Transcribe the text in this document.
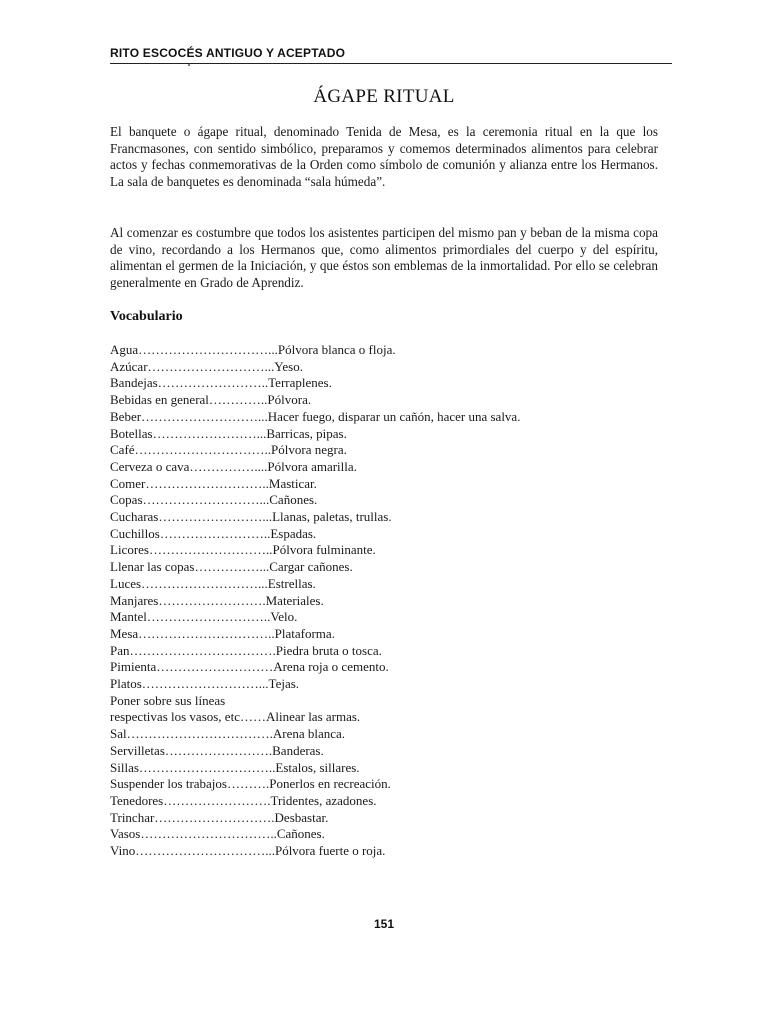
RITO ESCOCÉS ANTIGUO Y ACEPTADO
ÁGAPE RITUAL

El banquete o ágape ritual, denominado Tenida de Mesa, es la ceremonia ritual en la que los Francmasones, con sentido simbólico, preparamos y comemos determinados alimentos para celebrar actos y fechas conmemorativas de la Orden como símbolo de comunión y alianza entre los Hermanos. La sala de banquetes es denominada “sala húmeda”.

Al comenzar es costumbre que todos los asistentes participen del mismo pan y beban de la misma copa de vino, recordando a los Hermanos que, como alimentos primordiales del cuerpo y del espíritu, alimentan el germen de la Iniciación, y que éstos son emblemas de la inmortalidad. Por ello se celebran generalmente en Grado de Aprendiz.

Vocabulario
Agua…………………………...Pólvora blanca o floja.
Azúcar………………………...Yeso.
Bandejas……………………..Terraplenes.
Bebidas en general…………..Pólvora.
Beber………………………...Hacer fuego, disparar un cañón, hacer una salva.
Botellas……………………...Barricas, pipas.
Café…………………………..Pólvora negra.
Cerveza o cava……………....Pólvora amarilla.
Comer………………………..Masticar.
Copas………………………...Cañones.
Cucharas……………………...Llanas, paletas, trullas.
Cuchillos……………………..Espadas.
Licores………………………..Pólvora fulminante.
Llenar las copas……………...Cargar cañones.
Luces………………………...Estrellas.
Manjares…………………….Materiales.
Mantel………………………..Velo.
Mesa…………………………..Plataforma.
Pan…………………………….Piedra bruta o tosca.
Pimienta………………………Arena roja o cemento.
Platos………………………...Tejas.
Poner sobre sus líneas
respectivas los vasos, etc……Alinear las armas.
Sal…………………………….Arena blanca.
Servilletas…………………….Banderas.
Sillas…………………………..Estalos, sillares.
Suspender los trabajos……….Ponerlos en recreación.
Tenedores…………………….Tridentes, azadones.
Trinchar……………………….Desbastar.
Vasos…………………………..Cañones.
Vino…………………………...Pólvora fuerte o roja.
151
